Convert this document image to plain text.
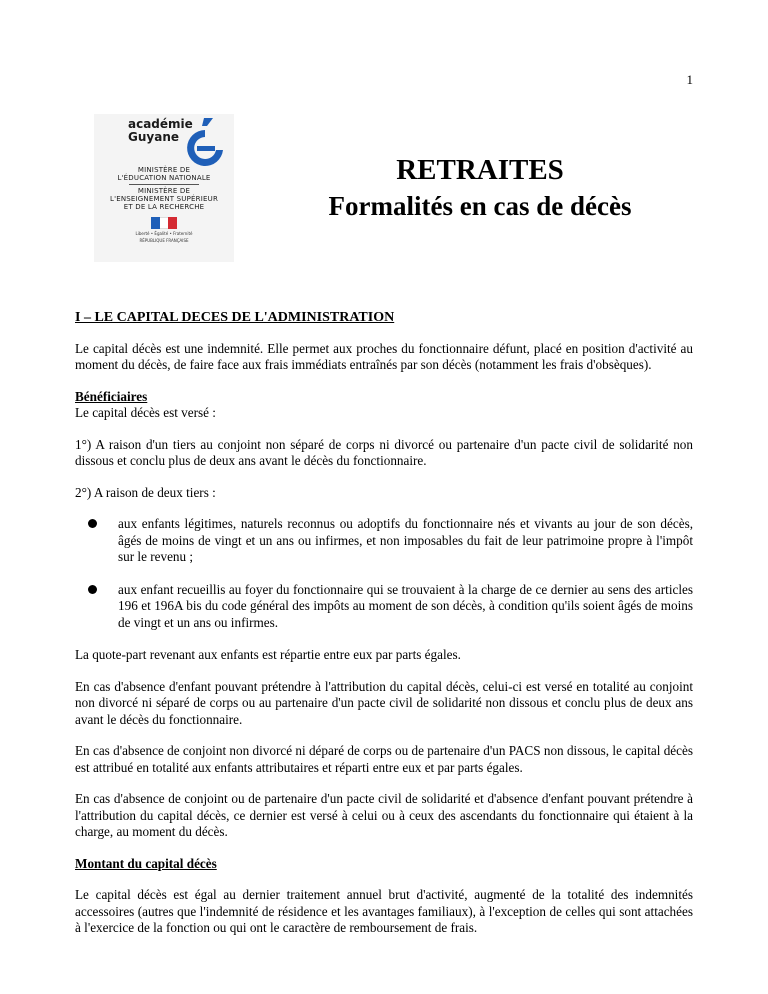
1
académie
Guyane
MINISTÈRE DE
L'ÉDUCATION NATIONALE
MINISTÈRE DE
L'ENSEIGNEMENT SUPÉRIEUR
ET DE LA RECHERCHE
Liberté • Égalité • Fraternité
RÉPUBLIQUE FRANÇAISE
RETRAITES
Formalités en cas de décès
I – LE CAPITAL DECES DE L'ADMINISTRATION

Le capital décès est une indemnité. Elle permet aux proches du fonctionnaire défunt, placé en position d'activité au moment du décès, de faire face aux frais immédiats entraînés par son décès (notamment les frais d'obsèques).

Bénéficiaires
Le capital décès est versé :

1°) A raison d'un tiers au conjoint non séparé de corps ni divorcé ou partenaire d'un pacte civil de solidarité non dissous et conclu plus de deux ans avant le décès du fonctionnaire.

2°) A raison de deux tiers :

aux enfants légitimes, naturels reconnus ou adoptifs du fonctionnaire nés et vivants au jour de son décès, âgés de moins de vingt et un ans ou infirmes, et non imposables du fait de leur patrimoine propre à l'impôt sur le revenu ;
aux enfant recueillis au foyer du fonctionnaire qui se trouvaient à la charge de ce dernier au sens des articles 196 et 196A bis du code général des impôts au moment de son décès, à condition qu'ils soient âgés de moins de vingt et un ans ou infirmes.

La quote-part revenant aux enfants est répartie entre eux par parts égales.

En cas d'absence d'enfant pouvant prétendre à l'attribution du capital décès, celui-ci est versé en totalité au conjoint non divorcé ni séparé de corps ou au partenaire d'un pacte civil de solidarité non dissous et conclu plus de deux ans avant le décès du fonctionnaire.

En cas d'absence de conjoint non divorcé ni déparé de corps ou de partenaire d'un PACS non dissous, le capital décès est attribué en totalité aux enfants attributaires et réparti entre eux et par parts égales.

En cas d'absence de conjoint ou de partenaire d'un pacte civil de solidarité et d'absence d'enfant pouvant prétendre à l'attribution du capital décès, ce dernier est versé à celui ou à ceux des ascendants du fonctionnaire qui étaient à la charge, au moment du décès.

Montant du capital décès

Le capital décès est égal au dernier traitement annuel brut d'activité, augmenté de la totalité des indemnités accessoires (autres que l'indemnité de résidence et les avantages familiaux), à l'exception de celles qui sont attachées à l'exercice de la fonction ou qui ont le caractère de remboursement de frais.
